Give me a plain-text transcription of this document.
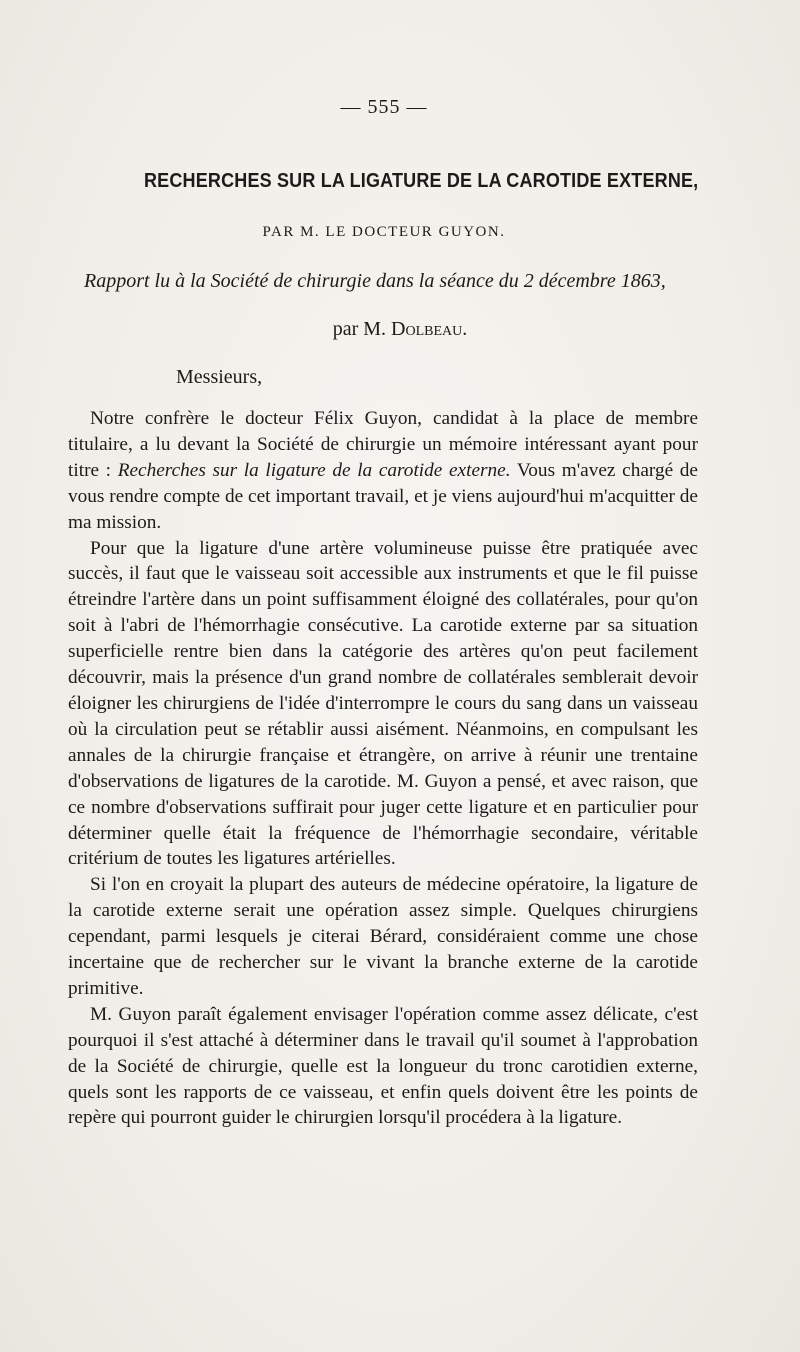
— 555 —
RECHERCHES SUR LA LIGATURE DE LA CAROTIDE EXTERNE,
PAR M. LE DOCTEUR GUYON.
Rapport lu à la Société de chirurgie dans la séance du 2 décembre 1863,
par M. Dolbeau.
Messieurs,

Notre confrère le docteur Félix Guyon, candidat à la place de membre titulaire, a lu devant la Société de chirurgie un mémoire intéressant ayant pour titre : Recherches sur la ligature de la carotide externe. Vous m'avez chargé de vous rendre compte de cet important travail, et je viens aujourd'hui m'acquitter de ma mission.

Pour que la ligature d'une artère volumineuse puisse être pratiquée avec succès, il faut que le vaisseau soit accessible aux instruments et que le fil puisse étreindre l'artère dans un point suffisamment éloigné des collatérales, pour qu'on soit à l'abri de l'hémorrhagie consécutive. La carotide externe par sa situation superficielle rentre bien dans la catégorie des artères qu'on peut facilement découvrir, mais la présence d'un grand nombre de collatérales semblerait devoir éloigner les chirurgiens de l'idée d'interrompre le cours du sang dans un vaisseau où la circulation peut se rétablir aussi aisément. Néanmoins, en compulsant les annales de la chirurgie française et étrangère, on arrive à réunir une trentaine d'observations de ligatures de la carotide. M. Guyon a pensé, et avec raison, que ce nombre d'observations suffirait pour juger cette ligature et en particulier pour déterminer quelle était la fréquence de l'hémorrhagie secondaire, véritable critérium de toutes les ligatures artérielles.

Si l'on en croyait la plupart des auteurs de médecine opératoire, la ligature de la carotide externe serait une opération assez simple. Quelques chirurgiens cependant, parmi lesquels je citerai Bérard, considéraient comme une chose incertaine que de rechercher sur le vivant la branche externe de la carotide primitive.

M. Guyon paraît également envisager l'opération comme assez délicate, c'est pourquoi il s'est attaché à déterminer dans le travail qu'il soumet à l'approbation de la Société de chirurgie, quelle est la longueur du tronc carotidien externe, quels sont les rapports de ce vaisseau, et enfin quels doivent être les points de repère qui pourront guider le chirurgien lorsqu'il procédera à la ligature.
